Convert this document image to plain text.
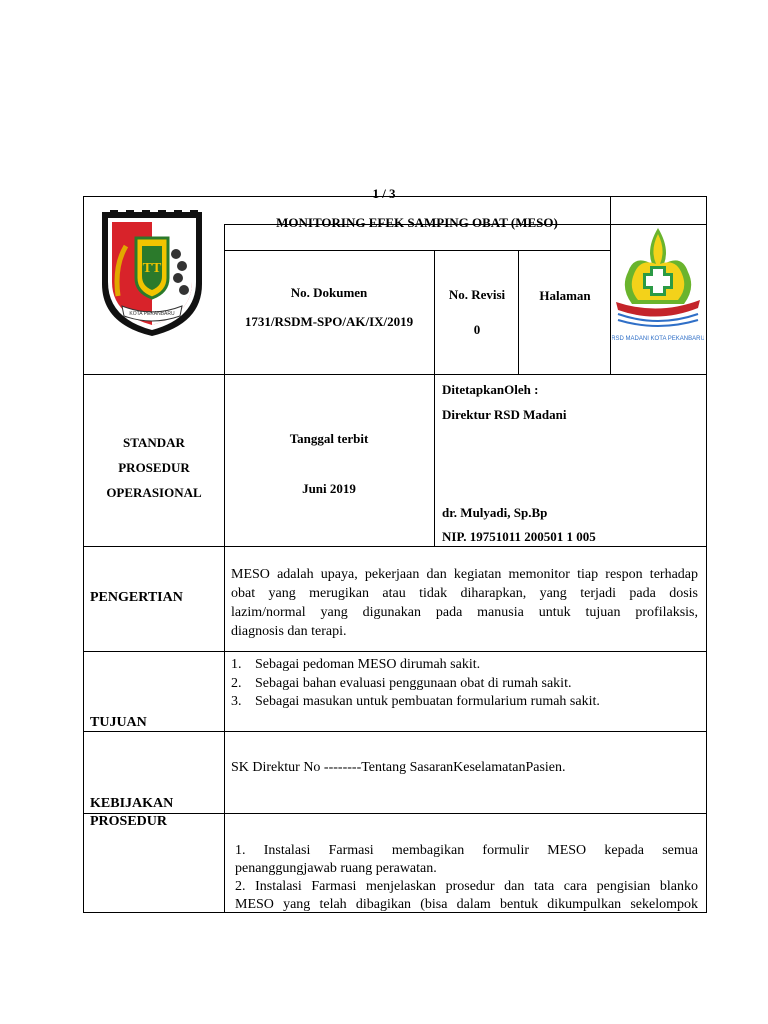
1 / 3
MONITORING EFEK SAMPING OBAT (MESO)
TT
KOTA PEKANBARU
No. Dokumen
1731/RSDM-SPO/AK/IX/2019
No. Revisi
0
Halaman
RSD MADANI KOTA PEKANBARU
STANDAR
PROSEDUR
OPERASIONAL
Tanggal terbit
Juni 2019
DitetapkanOleh :
Direktur RSD Madani
dr. Mulyadi, Sp.Bp
NIP. 19751011 200501 1 005
PENGERTIAN
MESO adalah upaya, pekerjaan dan kegiatan memonitor tiap respon terhadap
obat yang merugikan atau tidak diharapkan, yang terjadi pada dosis
lazim/normal yang digunakan pada manusia untuk tujuan profilaksis,
diagnosis dan terapi.
TUJUAN
1. Sebagai pedoman MESO dirumah sakit.
2. Sebagai bahan evaluasi penggunaan obat di rumah sakit.
3. Sebagai masukan untuk pembuatan formularium rumah sakit.
KEBIJAKAN
SK Direktur No --------Tentang SasaranKeselamatanPasien.
PROSEDUR
1. Instalasi Farmasi membagikan formulir MESO kepada semua
penanggungjawab ruang perawatan.
2. Instalasi Farmasi menjelaskan prosedur dan tata cara pengisian blanko
MESO yang telah dibagikan (bisa dalam bentuk dikumpulkan sekelompok
